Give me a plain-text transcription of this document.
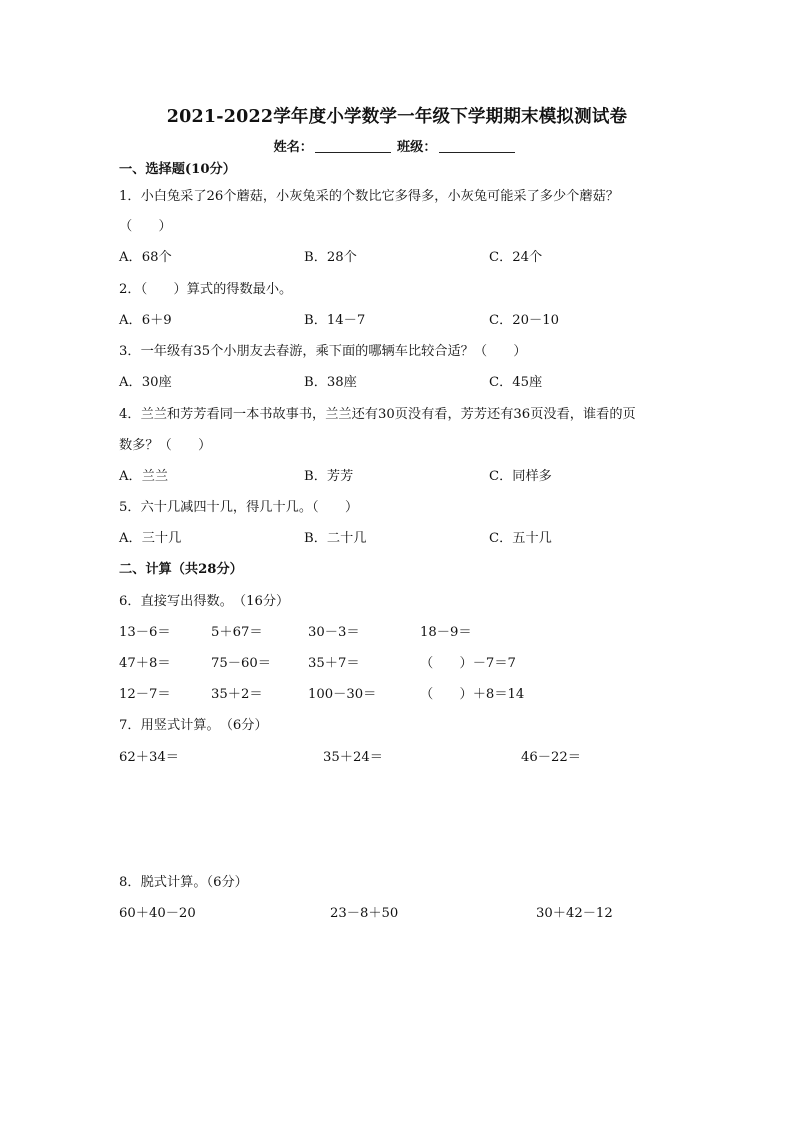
2021-2022学年度小学数学一年级下学期期末模拟测试卷
姓名：	班级：
一、选择题(10分）
1．小白兔采了26个蘑菇，小灰兔采的个数比它多得多，小灰兔可能采了多少个蘑菇？
（　　）
A．68个	B．28个	C．24个
2．（　　）算式的得数最小。
A．6＋9	B．14－7	C．20－10
3．一年级有35个小朋友去春游，乘下面的哪辆车比较合适？（　　）
A．30座	B．38座	C．45座
4．兰兰和芳芳看同一本书故事书，兰兰还有30页没有看，芳芳还有36页没看，谁看的页
数多？（　　）
A．兰兰	B．芳芳	C．同样多
5．六十几减四十几，得几十几。（　　）
A．三十几	B．二十几	C．五十几
二、计算（共28分）
6．直接写出得数。　（16分）
13－6＝	5＋67＝	30－3＝	18－9＝
47＋8＝	75－60＝	35＋7＝	（　　）－7＝7
12－7＝	35＋2＝	100－30＝	（　　）＋8＝14
7．用竖式计算。　（6分）
62＋34＝	35＋24＝	46－22＝
8．脱式计算。（6分）
60＋40－20	23－8＋50	30＋42－12
